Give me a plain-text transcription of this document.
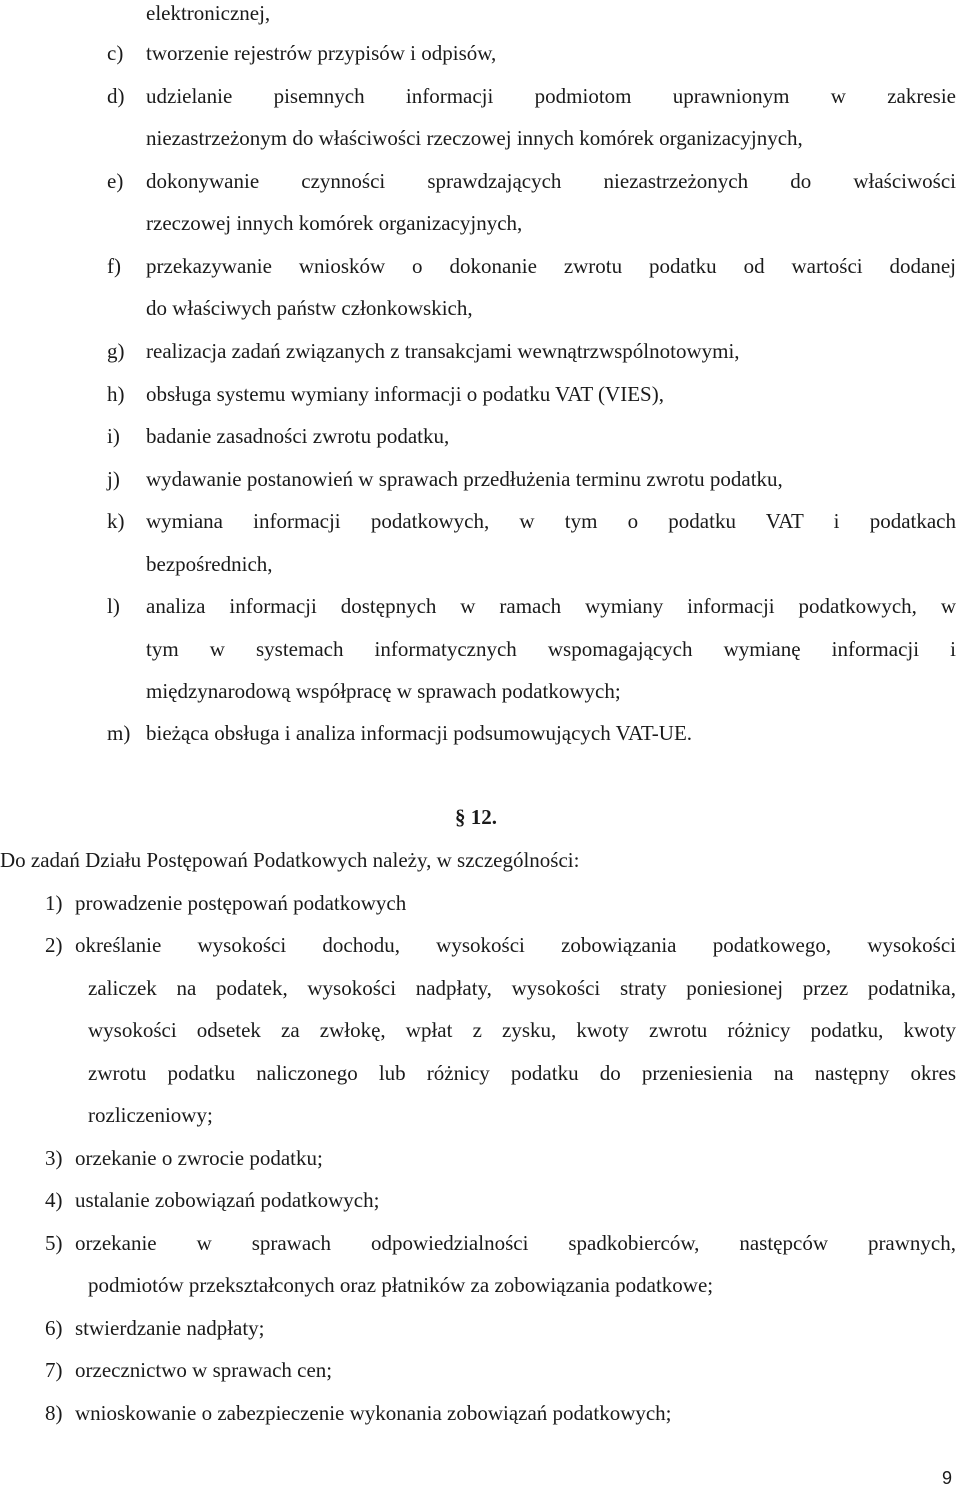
elektronicznej,
c) tworzenie rejestrów przypisów i odpisów,
d) udzielanie pisemnych informacji podmiotom uprawnionym w zakresie
niezastrzeżonym do właściwości rzeczowej innych komórek organizacyjnych,
e) dokonywanie czynności sprawdzających niezastrzeżonych do właściwości
rzeczowej innych komórek organizacyjnych,
f) przekazywanie wniosków o dokonanie zwrotu podatku od wartości dodanej
do właściwych państw członkowskich,
g) realizacja zadań związanych z transakcjami wewnątrzwspólnotowymi,
h) obsługa systemu wymiany informacji o podatku VAT (VIES),
i) badanie zasadności zwrotu podatku,
j) wydawanie postanowień w sprawach przedłużenia terminu zwrotu podatku,
k) wymiana informacji podatkowych, w tym o podatku VAT i podatkach
bezpośrednich,
l) analiza informacji dostępnych w ramach wymiany informacji podatkowych, w
tym w systemach informatycznych wspomagających wymianę informacji i
międzynarodową współpracę w sprawach podatkowych;
m) bieżąca obsługa i analiza informacji podsumowujących VAT-UE.
§ 12.
Do zadań Działu Postępowań Podatkowych należy, w szczególności:
1) prowadzenie postępowań podatkowych
2) określanie wysokości dochodu, wysokości zobowiązania podatkowego, wysokości
zaliczek na podatek, wysokości nadpłaty, wysokości straty poniesionej przez podatnika,
wysokości odsetek za zwłokę, wpłat z zysku, kwoty zwrotu różnicy podatku, kwoty
zwrotu podatku naliczonego lub różnicy podatku do przeniesienia na następny okres
rozliczeniowy;
3) orzekanie o zwrocie podatku;
4) ustalanie zobowiązań podatkowych;
5) orzekanie w sprawach odpowiedzialności spadkobierców, następców prawnych,
podmiotów przekształconych oraz płatników za zobowiązania podatkowe;
6) stwierdzanie nadpłaty;
7) orzecznictwo w sprawach cen;
8) wnioskowanie o zabezpieczenie wykonania zobowiązań podatkowych;
9
